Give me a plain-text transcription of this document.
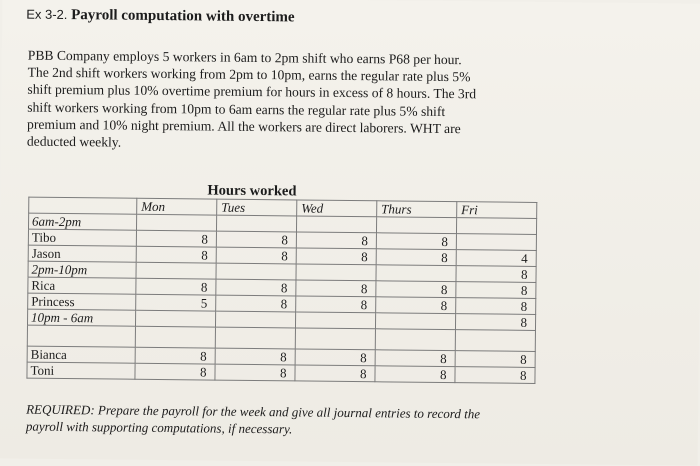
Ex 3-2. Payroll computation with overtime

PBB Company employs 5 workers in 6am to 2pm shift who earns P68 per hour.

The 2nd shift workers working from 2pm to 10pm, earns the regular rate plus 5%

shift premium plus 10% overtime premium for hours in excess of 8 hours. The 3rd

shift workers working from 10pm to 6am earns the regular rate plus 5% shift

premium and 10% night premium. All the workers are direct laborers. WHT are

deducted weekly.

Hours worked
	Mon	Tues	Wed	Thurs	Fri
6am-2pm					
Tibo	8	8	8	8	
Jason	8	8	8	8	4
2pm-10pm					8
Rica	8	8	8	8	8
Princess	5	8	8	8	8
10pm - 6am					8

Bianca	8	8	8	8	8
Toni	8	8	8	8	8

REQUIRED: Prepare the payroll for the week and give all journal entries to record the

payroll with supporting computations, if necessary.
